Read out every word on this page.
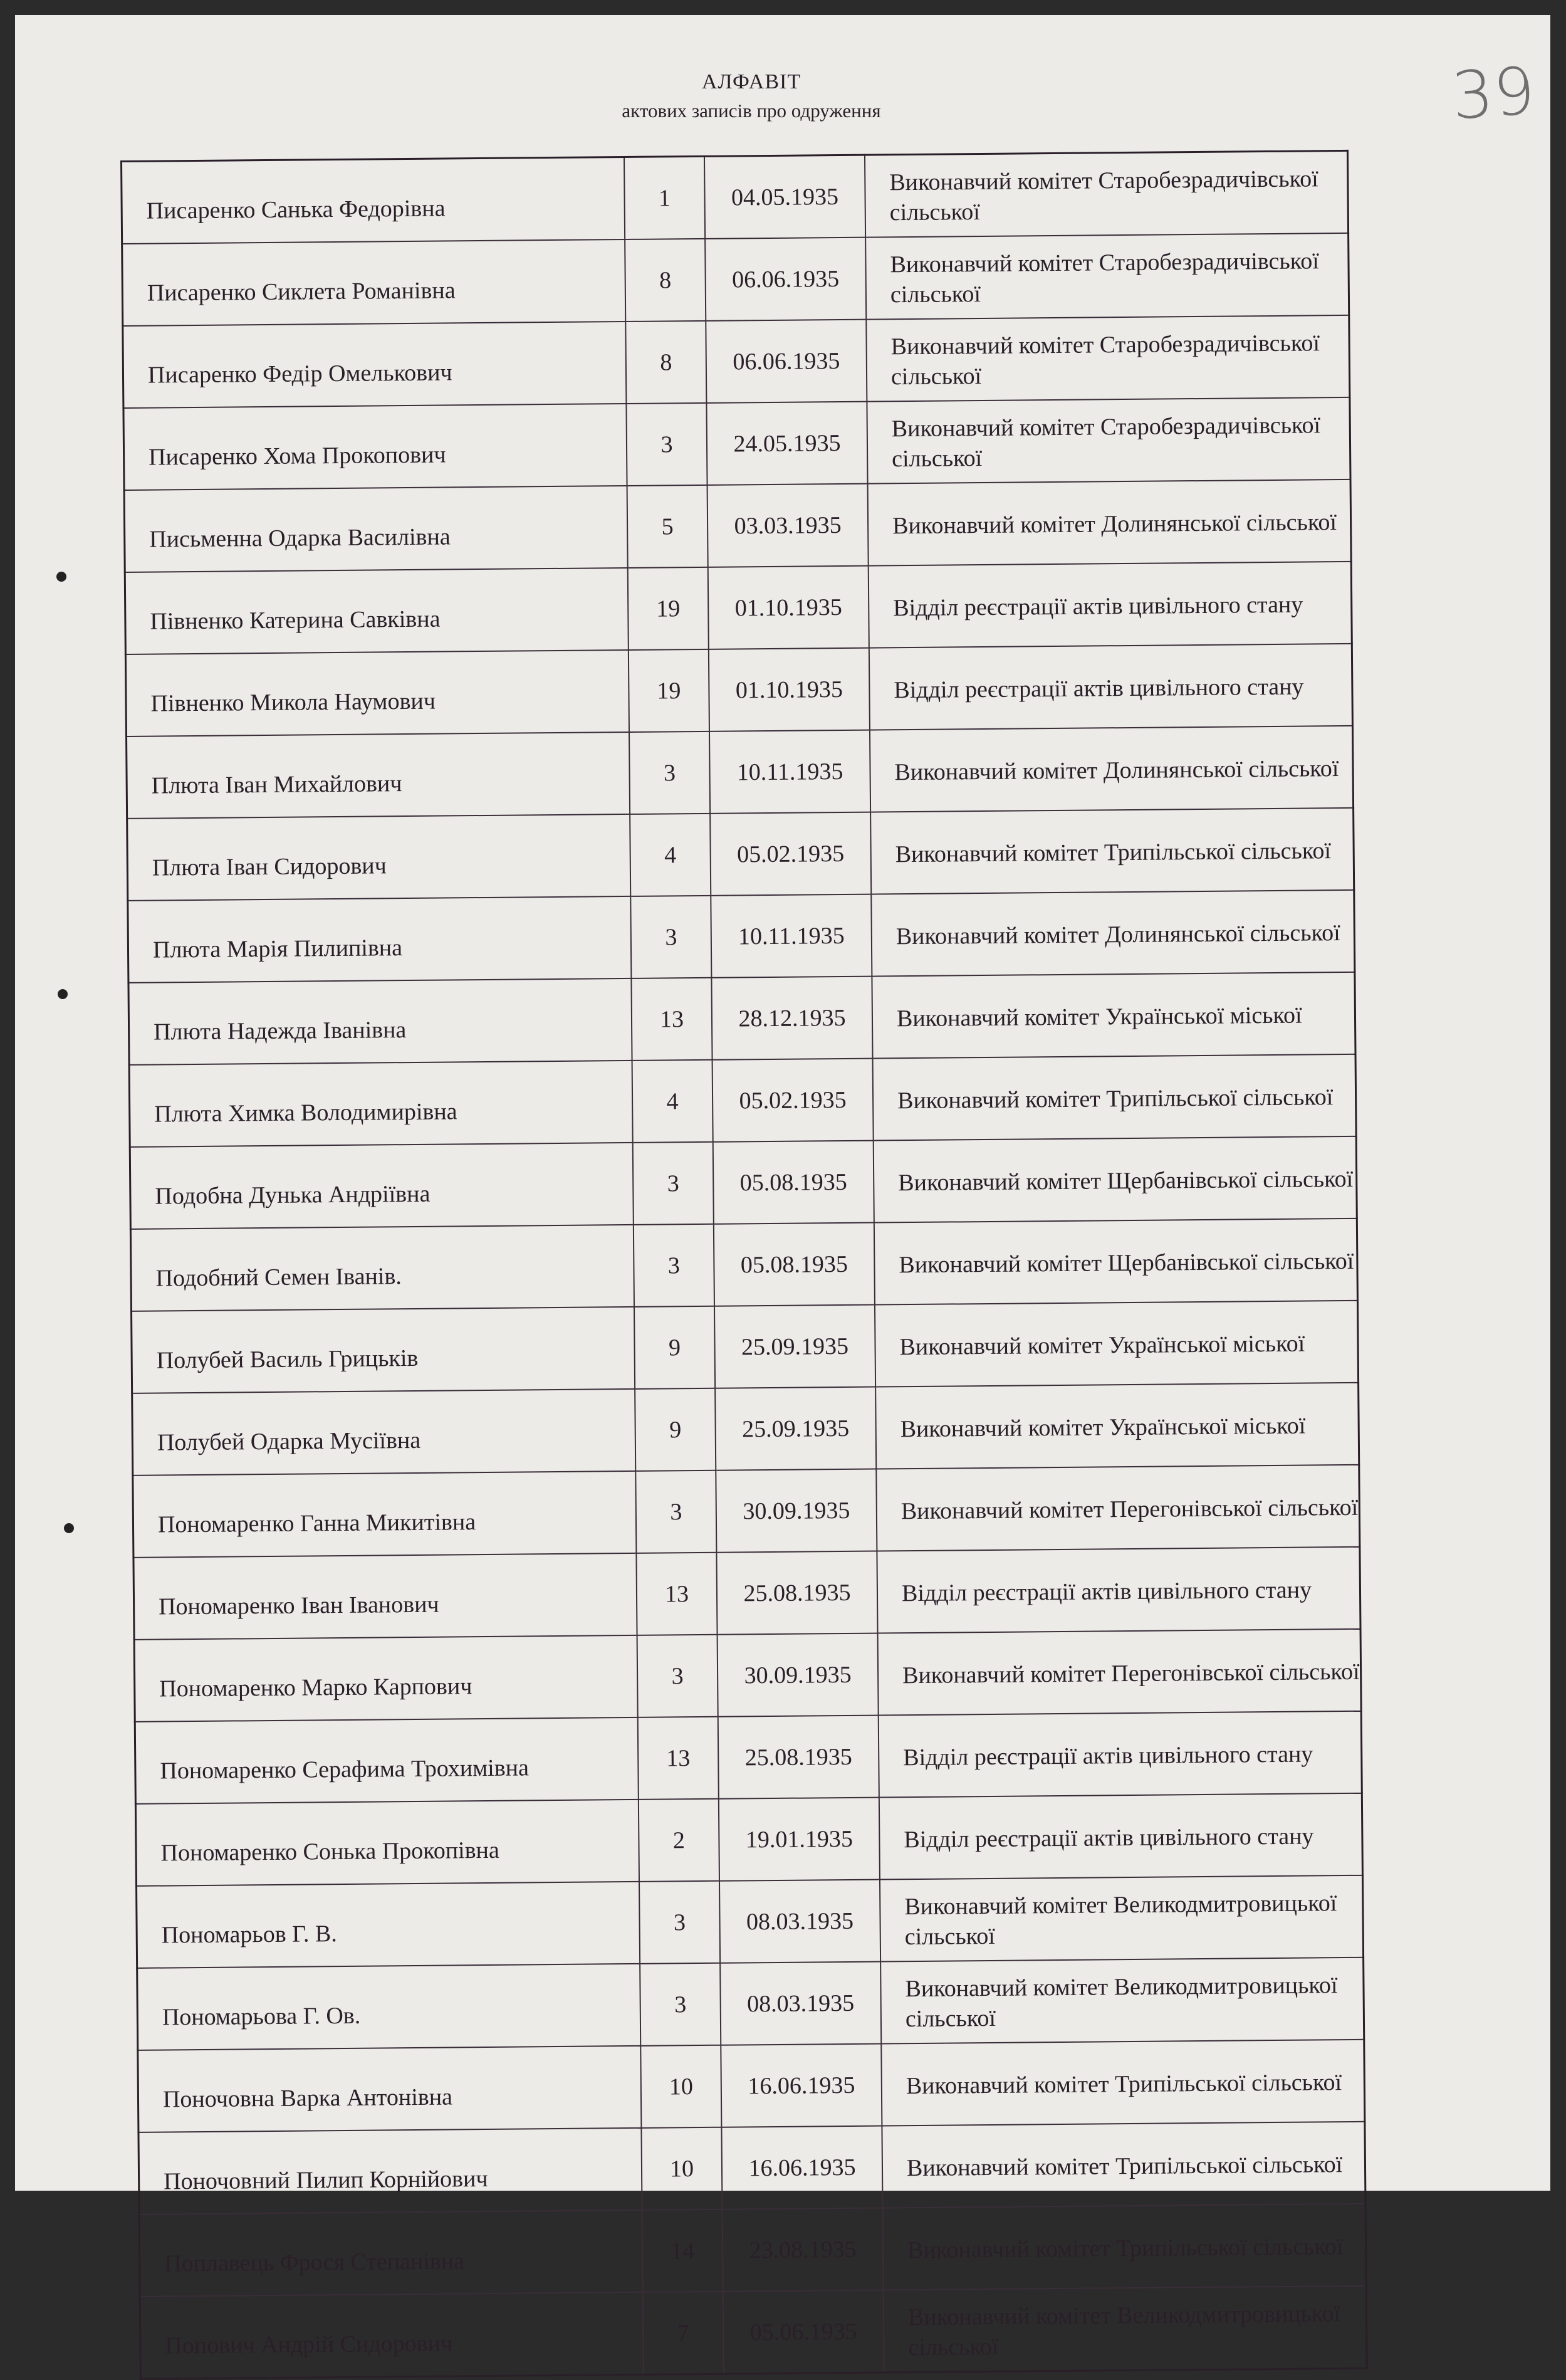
АЛФАВІТ
актових записів про одруження	39
Писаренко Санька Федорівна	1	04.05.1935	Виконавчий комітет Старобезрадичівської сільської
Писаренко Сиклета Романівна	8	06.06.1935	Виконавчий комітет Старобезрадичівської сільської
Писаренко Федір Омелькович	8	06.06.1935	Виконавчий комітет Старобезрадичівської сільської
Писаренко Хома Прокопович	3	24.05.1935	Виконавчий комітет Старобезрадичівської сільської
Письменна Одарка Василівна	5	03.03.1935	Виконавчий комітет Долинянської сільської
Півненко Катерина Савківна	19	01.10.1935	Відділ реєстрації актів цивільного стану
Півненко Микола Наумович	19	01.10.1935	Відділ реєстрації актів цивільного стану
Плюта Іван Михайлович	3	10.11.1935	Виконавчий комітет Долинянської сільської
Плюта Іван Сидорович	4	05.02.1935	Виконавчий комітет Трипільської сільської
Плюта Марія Пилипівна	3	10.11.1935	Виконавчий комітет Долинянської сільської
Плюта Надежда Іванівна	13	28.12.1935	Виконавчий комітет Української міської
Плюта Химка Володимирівна	4	05.02.1935	Виконавчий комітет Трипільської сільської
Подобна Дунька Андріївна	3	05.08.1935	Виконавчий комітет Щербанівської сільської
Подобний Семен Іванів.	3	05.08.1935	Виконавчий комітет Щербанівської сільської
Полубей Василь Грицьків	9	25.09.1935	Виконавчий комітет Української міської
Полубей Одарка Мусіївна	9	25.09.1935	Виконавчий комітет Української міської
Пономаренко Ганна Микитівна	3	30.09.1935	Виконавчий комітет Перегонівської сільської
Пономаренко Іван Іванович	13	25.08.1935	Відділ реєстрації актів цивільного стану
Пономаренко Марко Карпович	3	30.09.1935	Виконавчий комітет Перегонівської сільської
Пономаренко Серафима Трохимівна	13	25.08.1935	Відділ реєстрації актів цивільного стану
Пономаренко Сонька Прокопівна	2	19.01.1935	Відділ реєстрації актів цивільного стану
Пономарьов Г. В.	3	08.03.1935	Виконавчий комітет Великодмитровицької сільської
Пономарьова Г. Ов.	3	08.03.1935	Виконавчий комітет Великодмитровицької сільської
Поночовна Варка Антонівна	10	16.06.1935	Виконавчий комітет Трипільської сільської
Поночовний Пилип Корнійович	10	16.06.1935	Виконавчий комітет Трипільської сільської
Поплавець Фрося Степанівна	14	23.08.1935	Виконавчий комітет Трипільської сільської
Попович Андрій Сидорович	7	05.06.1935	Виконавчий комітет Великодмитровицької сільської
